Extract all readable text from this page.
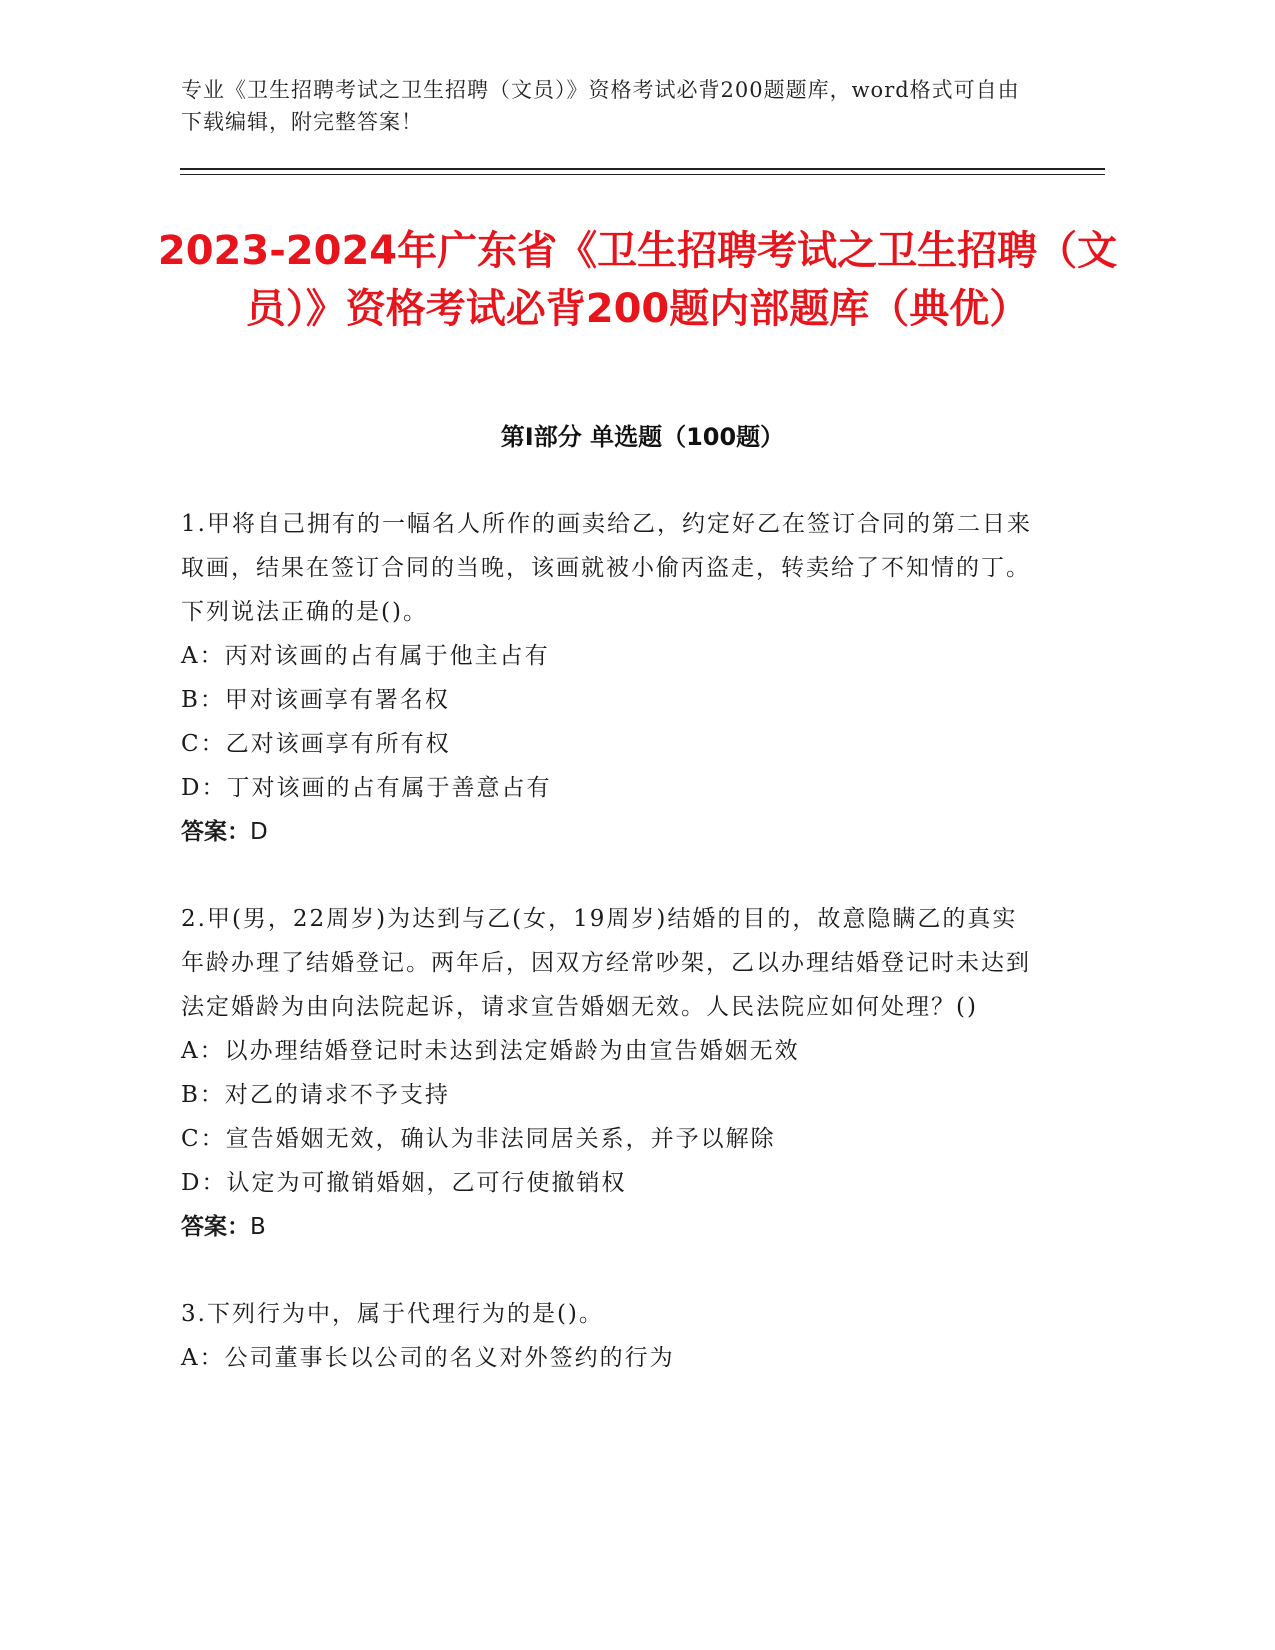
专业《卫生招聘考试之卫生招聘（文员）》资格考试必背200题题库，word格式可自由下载编辑，附完整答案！
2023-2024年广东省《卫生招聘考试之卫生招聘（文员）》资格考试必背200题内部题库（典优）
第Ⅰ部分 单选题（100题）

1.甲将自己拥有的一幅名人所作的画卖给乙，约定好乙在签订合同的第二日来取画，结果在签订合同的当晚，该画就被小偷丙盗走，转卖给了不知情的丁。下列说法正确的是()。

A：丙对该画的占有属于他主占有

B：甲对该画享有署名权

C：乙对该画享有所有权

D：丁对该画的占有属于善意占有

答案：D

2.甲(男，22周岁)为达到与乙(女，19周岁)结婚的目的，故意隐瞒乙的真实年龄办理了结婚登记。两年后，因双方经常吵架，乙以办理结婚登记时未达到法定婚龄为由向法院起诉，请求宣告婚姻无效。人民法院应如何处理？()

A：以办理结婚登记时未达到法定婚龄为由宣告婚姻无效

B：对乙的请求不予支持

C：宣告婚姻无效，确认为非法同居关系，并予以解除

D：认定为可撤销婚姻，乙可行使撤销权

答案：B

3.下列行为中，属于代理行为的是()。

A：公司董事长以公司的名义对外签约的行为
